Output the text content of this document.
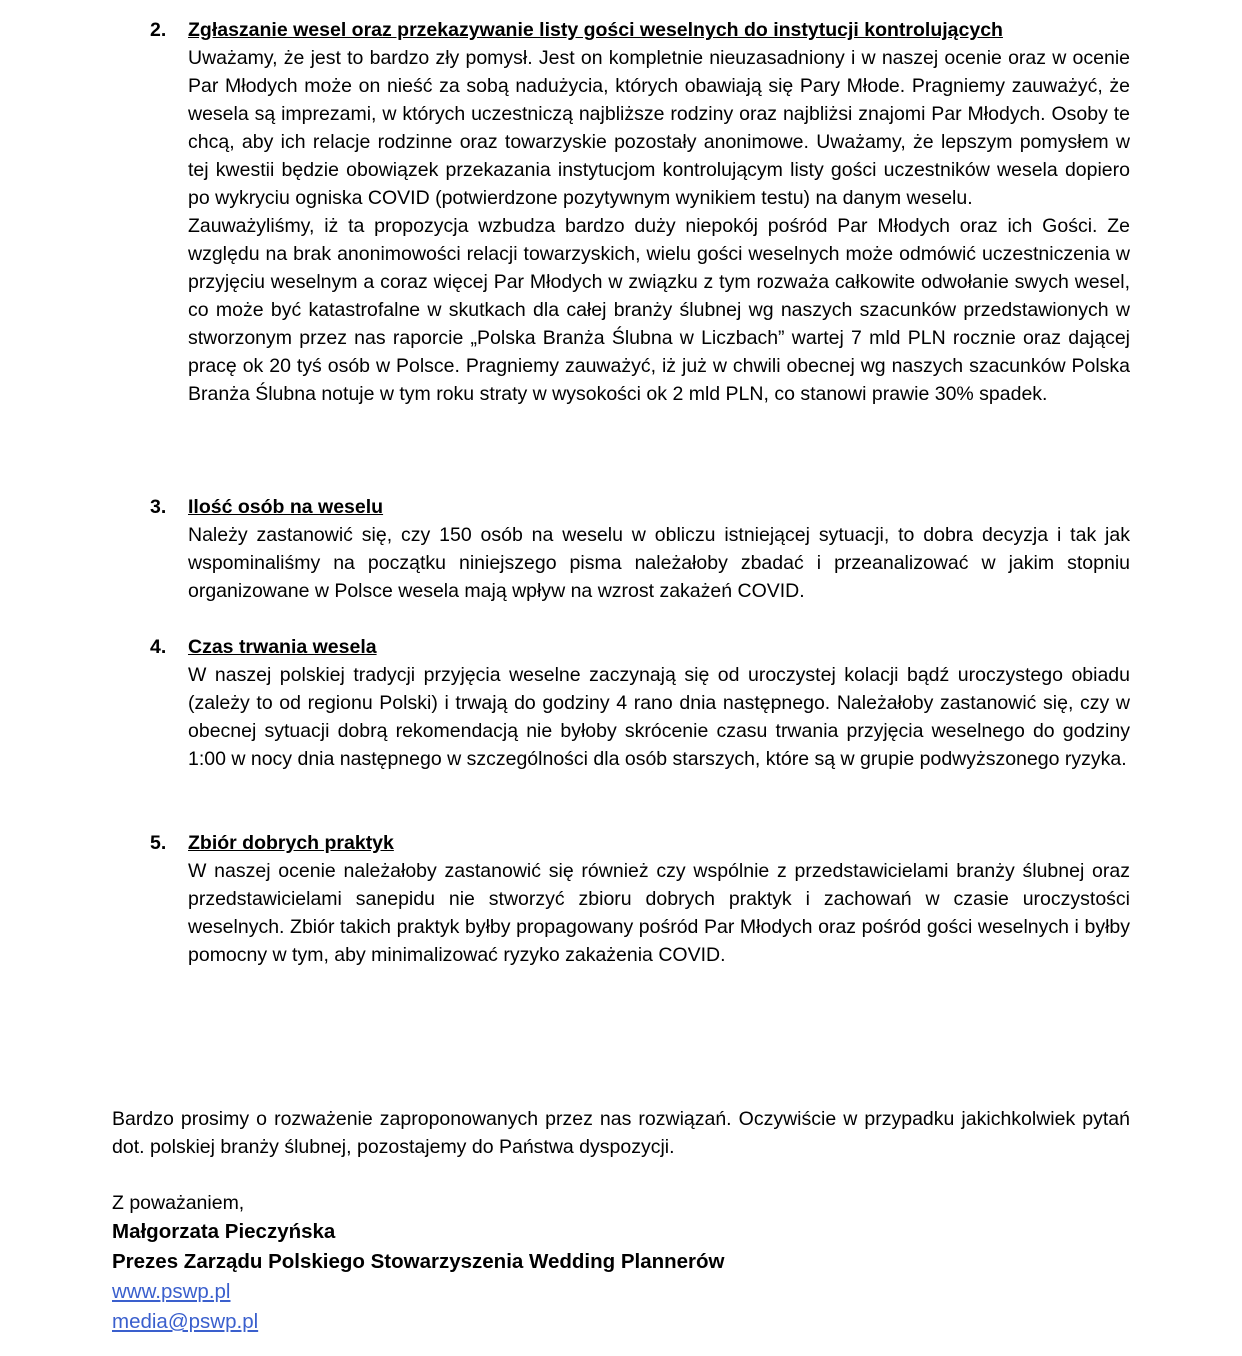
2. Zgłaszanie wesel oraz przekazywanie listy gości weselnych do instytucji kontrolujących

Uważamy, że jest to bardzo zły pomysł. Jest on kompletnie nieuzasadniony i w naszej ocenie oraz w ocenie Par Młodych może on nieść za sobą nadużycia, których obawiają się Pary Młode. Pragniemy zauważyć, że wesela są imprezami, w których uczestniczą najbliższe rodziny oraz najbliżsi znajomi Par Młodych. Osoby te chcą, aby ich relacje rodzinne oraz towarzyskie pozostały anonimowe. Uważamy, że lepszym pomysłem w tej kwestii będzie obowiązek przekazania instytucjom kontrolującym listy gości uczestników wesela dopiero po wykryciu ogniska COVID (potwierdzone pozytywnym wynikiem testu) na danym weselu.

Zauważyliśmy, iż ta propozycja wzbudza bardzo duży niepokój pośród Par Młodych oraz ich Gości. Ze względu na brak anonimowości relacji towarzyskich, wielu gości weselnych może odmówić uczestniczenia w przyjęciu weselnym a coraz więcej Par Młodych w związku z tym rozważa całkowite odwołanie swych wesel, co może być katastrofalne w skutkach dla całej branży ślubnej wg naszych szacunków przedstawionych w stworzonym przez nas raporcie „Polska Branża Ślubna w Liczbach” wartej 7 mld PLN rocznie oraz dającej pracę ok 20 tyś osób w Polsce. Pragniemy zauważyć, iż już w chwili obecnej wg naszych szacunków Polska Branża Ślubna notuje w tym roku straty w wysokości ok 2 mld PLN, co stanowi prawie 30% spadek.

3. Ilość osób na weselu

Należy zastanowić się, czy 150 osób na weselu w obliczu istniejącej sytuacji, to dobra decyzja i tak jak wspominaliśmy na początku niniejszego pisma należałoby zbadać i przeanalizować w jakim stopniu organizowane w Polsce wesela mają wpływ na wzrost zakażeń COVID.

4. Czas trwania wesela

W naszej polskiej tradycji przyjęcia weselne zaczynają się od uroczystej kolacji bądź uroczystego obiadu (zależy to od regionu Polski) i trwają do godziny 4 rano dnia następnego. Należałoby zastanowić się, czy w obecnej sytuacji dobrą rekomendacją nie byłoby skrócenie czasu trwania przyjęcia weselnego do godziny 1:00 w nocy dnia następnego w szczególności dla osób starszych, które są w grupie podwyższonego ryzyka.

5. Zbiór dobrych praktyk

W naszej ocenie należałoby zastanowić się również czy wspólnie z przedstawicielami branży ślubnej oraz przedstawicielami sanepidu nie stworzyć zbioru dobrych praktyk i zachowań w czasie uroczystości weselnych. Zbiór takich praktyk byłby propagowany pośród Par Młodych oraz pośród gości weselnych i byłby pomocny w tym, aby minimalizować ryzyko zakażenia COVID.

Bardzo prosimy o rozważenie zaproponowanych przez nas rozwiązań. Oczywiście w przypadku jakichkolwiek pytań dot. polskiej branży ślubnej, pozostajemy do Państwa dyspozycji.

Z poważaniem,

Małgorzata Pieczyńska

Prezes Zarządu Polskiego Stowarzyszenia Wedding Plannerów

www.pswp.pl
media@pswp.pl
